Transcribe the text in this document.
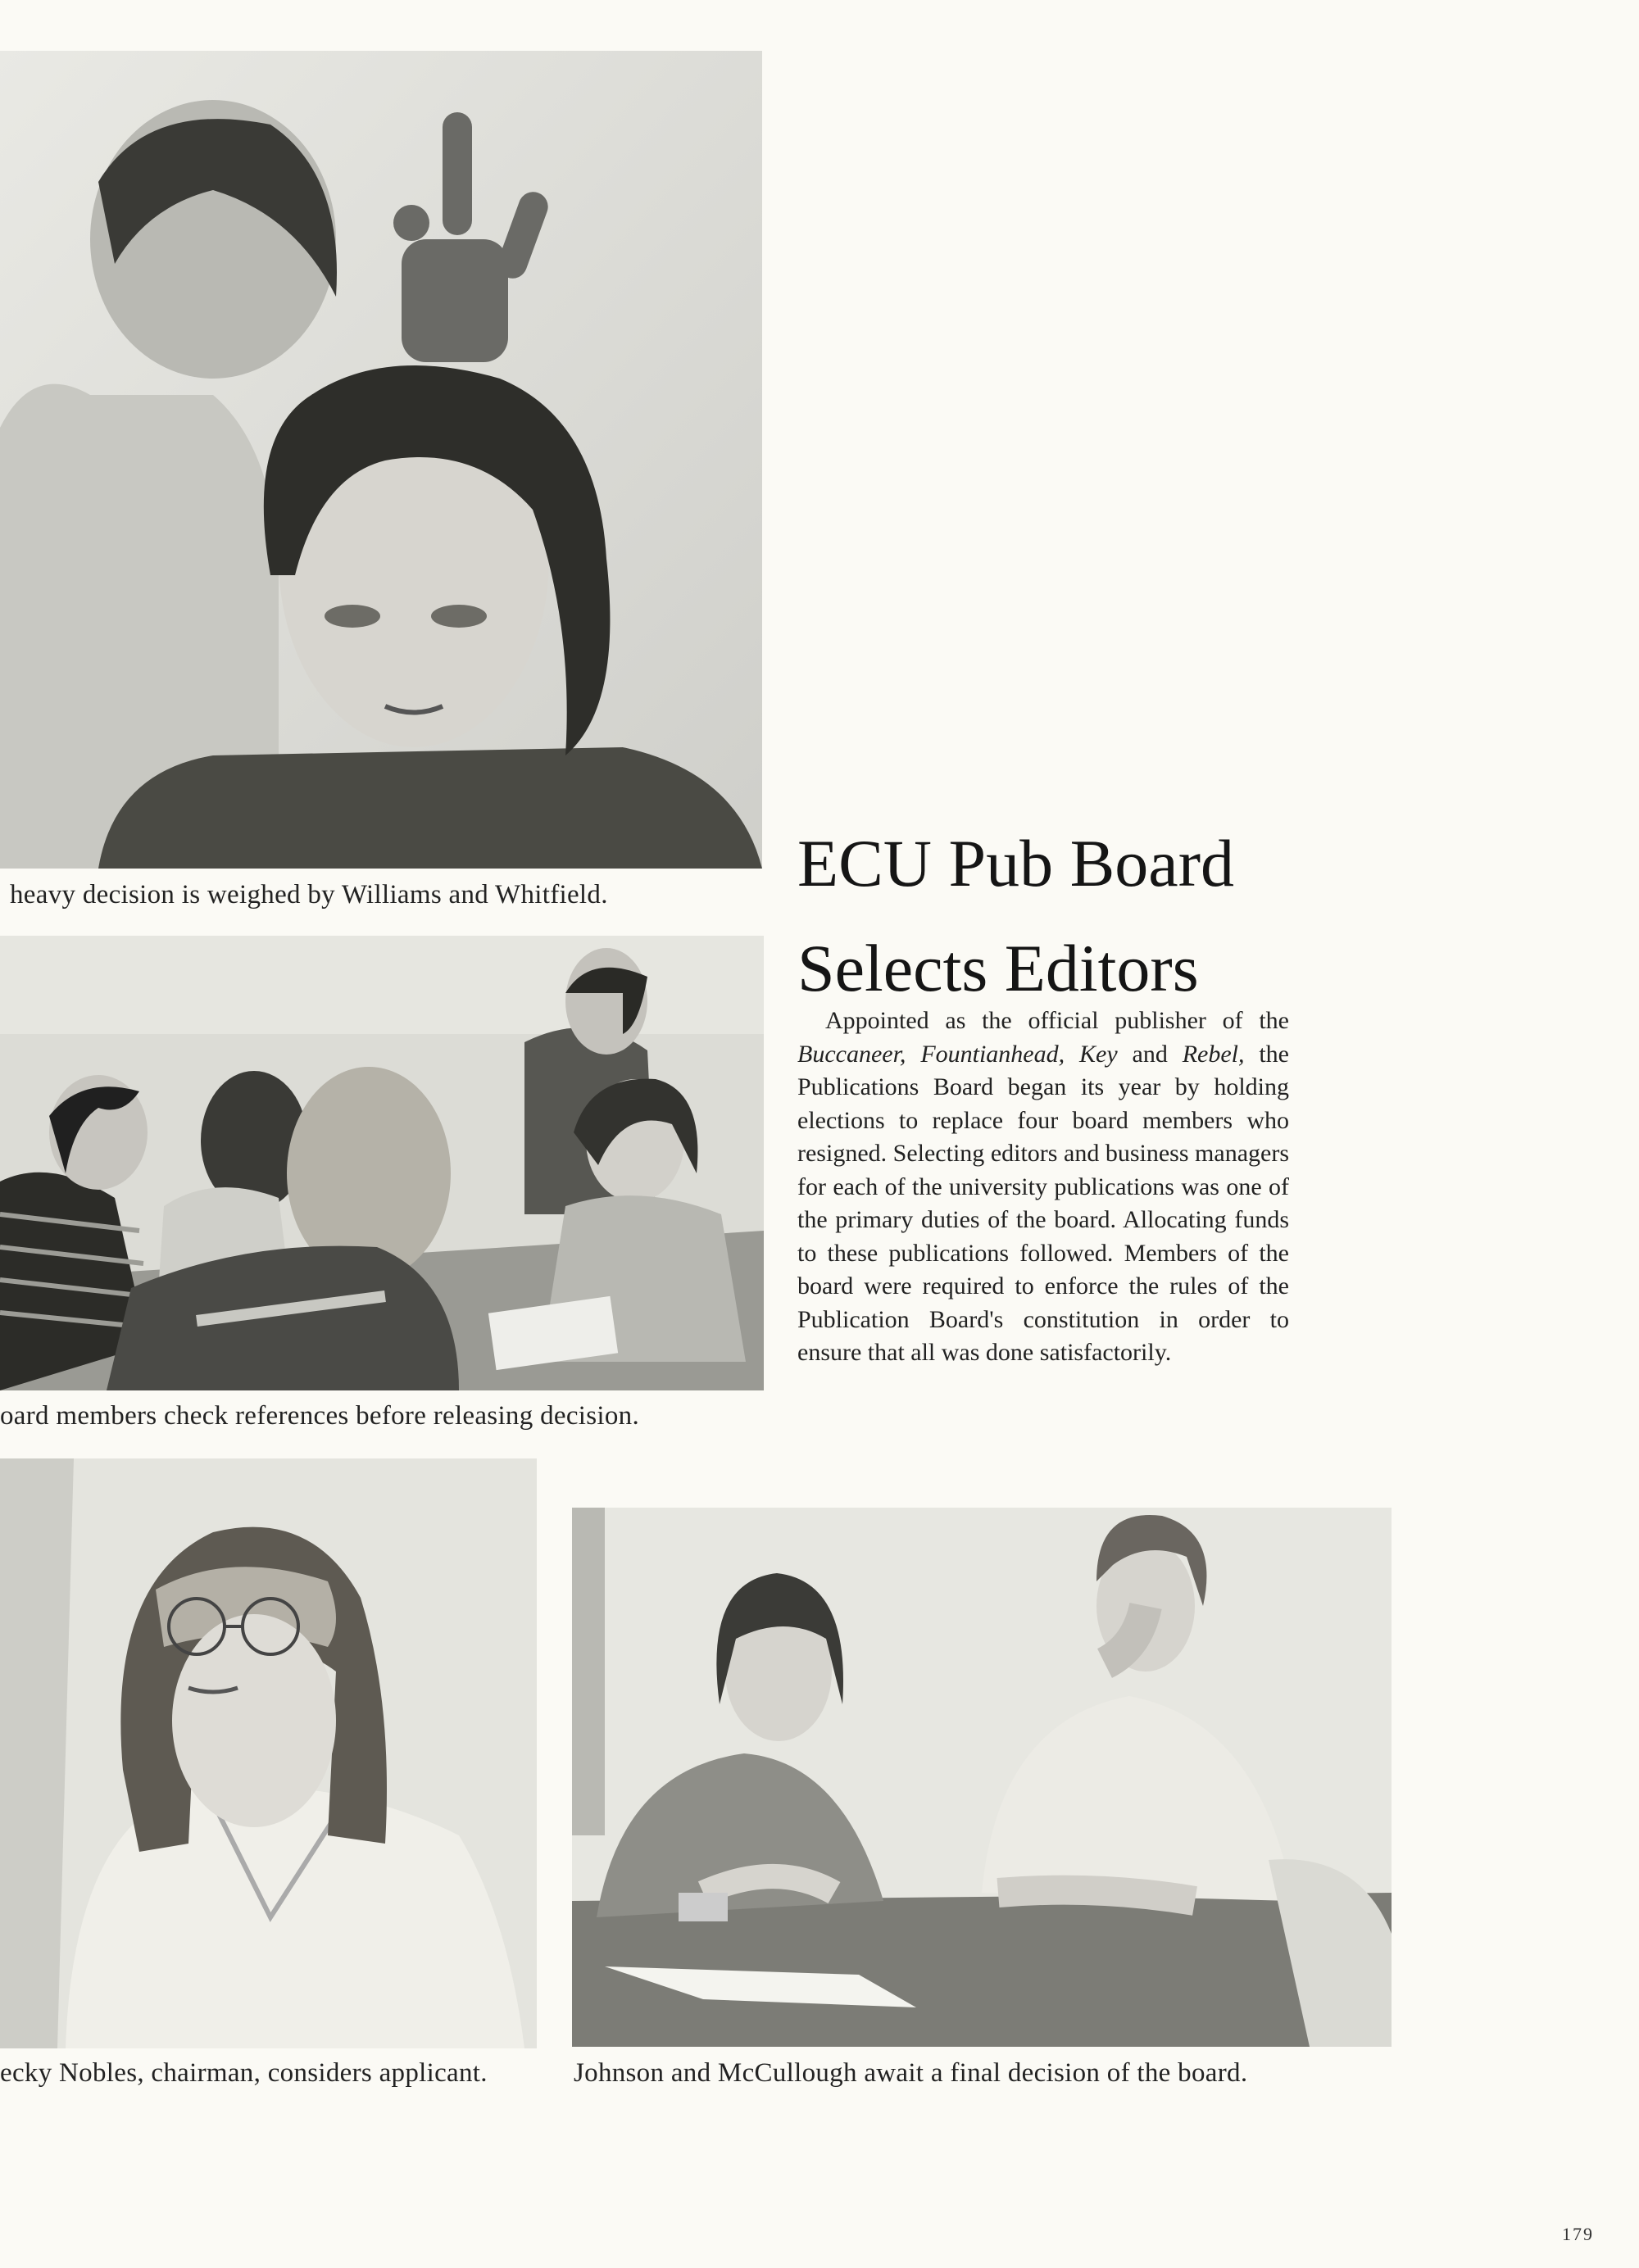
heavy decision is weighed by Williams and Whitfield.
oard members check references before releasing decision.
ECU Pub Board
Selects Editors

Appointed as the official publisher of the Buccaneer, Fountianhead, Key and Rebel, the Publications Board began its year by holding elections to replace four board members who resigned. Selecting editors and business managers for each of the university publications was one of the primary duties of the board. Allocating funds to these publications followed. Members of the board were required to enforce the rules of the Publication Board's constitution in order to ensure that all was done satisfactorily.

ecky Nobles, chairman, considers applicant.	Johnson and McCullough await a final decision of the board.
179
